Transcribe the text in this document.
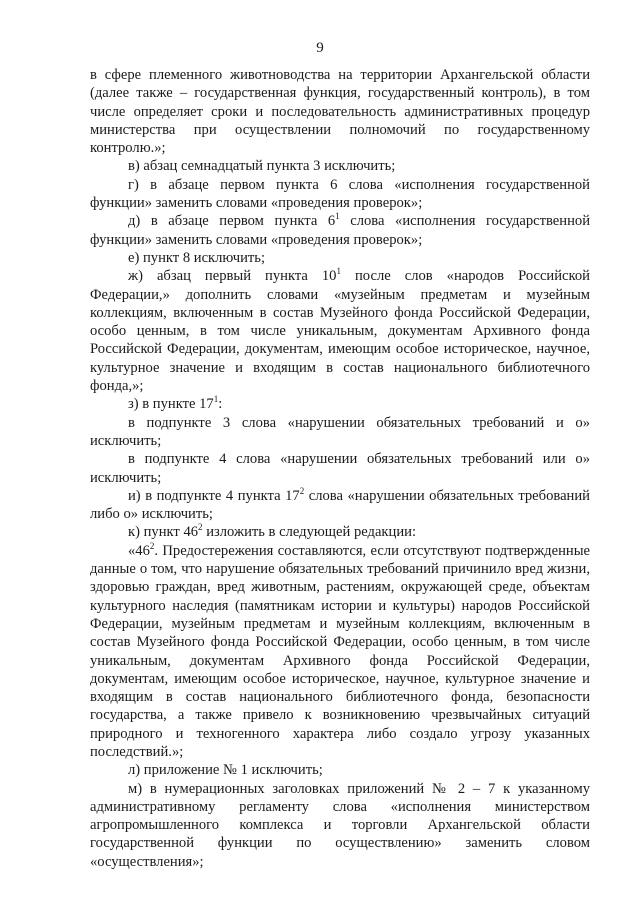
9

в сфере племенного животноводства на территории Архангельской области (далее также – государственная функция, государственный контроль), в том числе определяет сроки и последовательность административных процедур министерства при осуществлении полномочий по государственному контролю.»;

в) абзац семнадцатый пункта 3 исключить;

г) в абзаце первом пункта 6 слова «исполнения государственной функции» заменить словами «проведения проверок»;

д) в абзаце первом пункта $6^1$ слова «исполнения государственной функции» заменить словами «проведения проверок»;

е) пункт 8 исключить;

ж) абзац первый пункта $10^1$ после слов «народов Российской Федерации,» дополнить словами «музейным предметам и музейным коллекциям, включенным в состав Музейного фонда Российской Федерации, особо ценным, в том числе уникальным, документам Архивного фонда Российской Федерации, документам, имеющим особое историческое, научное, культурное значение и входящим в состав национального библиотечного фонда,»;

з) в пункте $17^1$:

в подпункте 3 слова «нарушении обязательных требований и о» исключить;

в подпункте 4 слова «нарушении обязательных требований или о» исключить;

и) в подпункте 4 пункта $17^2$ слова «нарушении обязательных требований либо о» исключить;

к) пункт $46^2$ изложить в следующей редакции:

«$46^2$. Предостережения составляются, если отсутствуют подтвержденные данные о том, что нарушение обязательных требований причинило вред жизни, здоровью граждан, вред животным, растениям, окружающей среде, объектам культурного наследия (памятникам истории и культуры) народов Российской Федерации, музейным предметам и музейным коллекциям, включенным в состав Музейного фонда Российской Федерации, особо ценным, в том числе уникальным, документам Архивного фонда Российской Федерации, документам, имеющим особое историческое, научное, культурное значение и входящим в состав национального библиотечного фонда, безопасности государства, а также привело к возникновению чрезвычайных ситуаций природного и техногенного характера либо создало угрозу указанных последствий.»;

л) приложение № 1 исключить;

м) в нумерационных заголовках приложений № 2 – 7 к указанному административному регламенту слова «исполнения министерством агропромышленного комплекса и торговли Архангельской области государственной функции по осуществлению» заменить словом «осуществления»;
